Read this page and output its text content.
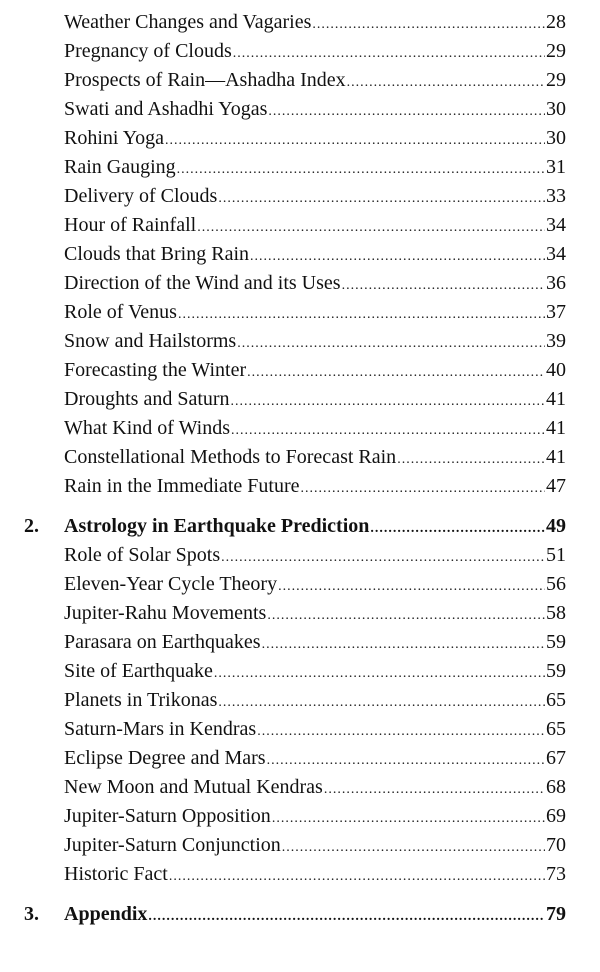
Weather Changes and Vagaries .....	28
Pregnancy of Clouds .....	29
Prospects of Rain—Ashadha Index .....	29
Swati and Ashadhi Yogas .....	30
Rohini Yoga .....	30
Rain Gauging .....	31
Delivery of Clouds .....	33
Hour of Rainfall .....	34
Clouds that Bring Rain .....	34
Direction of the Wind and its Uses .....	36
Role of Venus .....	37
Snow and Hailstorms .....	39
Forecasting the Winter .....	40
Droughts and Saturn .....	41
What Kind of Winds .....	41
Constellational Methods to Forecast Rain .....	41
Rain in the Immediate Future .....	47
2.	Astrology in Earthquake Prediction .....	49
Role of Solar Spots .....	51
Eleven-Year Cycle Theory .....	56
Jupiter-Rahu Movements .....	58
Parasara on Earthquakes .....	59
Site of Earthquake .....	59
Planets in Trikonas .....	65
Saturn-Mars in Kendras .....	65
Eclipse Degree and Mars .....	67
New Moon and Mutual Kendras .....	68
Jupiter-Saturn Opposition .....	69
Jupiter-Saturn Conjunction .....	70
Historic Fact .....	73
3.	Appendix .....	79
